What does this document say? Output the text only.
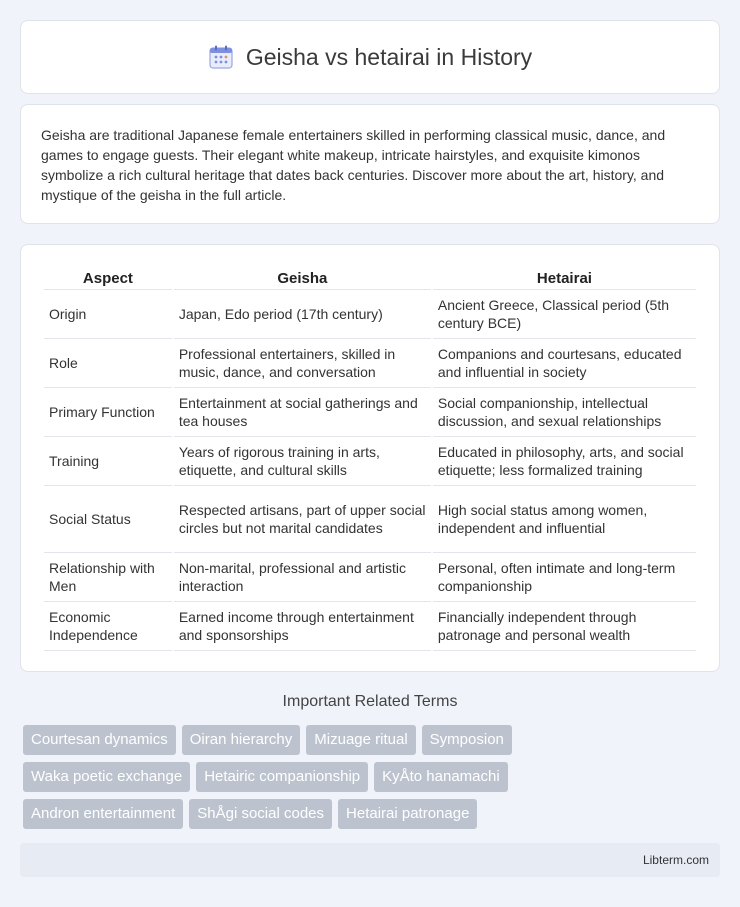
Geisha vs hetairai in History

Geisha are traditional Japanese female entertainers skilled in performing classical music, dance, and games to engage guests. Their elegant white makeup, intricate hairstyles, and exquisite kimonos symbolize a rich cultural heritage that dates back centuries. Discover more about the art, history, and mystique of the geisha in the full article.

Aspect	Geisha	Hetairai
Origin	Japan, Edo period (17th century)	Ancient Greece, Classical period (5th century BCE)
Role	Professional entertainers, skilled in music, dance, and conversation	Companions and courtesans, educated and influential in society
Primary Function	Entertainment at social gatherings and tea houses	Social companionship, intellectual discussion, and sexual relationships
Training	Years of rigorous training in arts, etiquette, and cultural skills	Educated in philosophy, arts, and social etiquette; less formalized training
Social Status	Respected artisans, part of upper social circles but not marital candidates	High social status among women, independent and influential
Relationship with Men	Non-marital, professional and artistic interaction	Personal, often intimate and long-term companionship
Economic Independence	Earned income through entertainment and sponsorships	Financially independent through patronage and personal wealth
Important Related Terms
Courtesan dynamics	Oiran hierarchy	Mizuage ritual	Symposion
Waka poetic exchange	Hetairic companionship	KyÅto hanamachi
Andron entertainment	ShÅgi social codes	Hetairai patronage
Libterm.com
